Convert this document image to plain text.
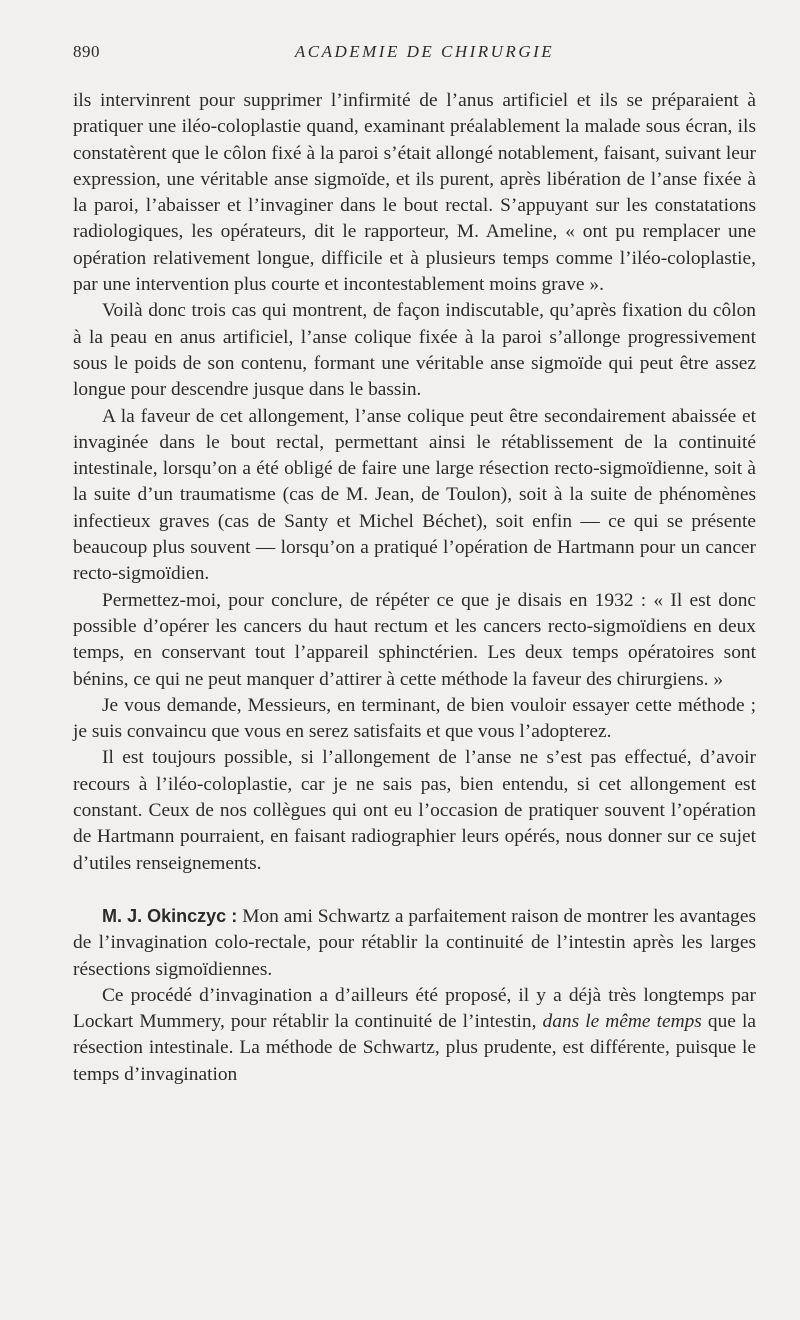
890	ACADEMIE DE CHIRURGIE

ils intervinrent pour supprimer l’infirmité de l’anus artificiel et ils se préparaient à pratiquer une iléo-coloplastie quand, examinant préalablement la malade sous écran, ils constatèrent que le côlon fixé à la paroi s’était allongé notablement, faisant, suivant leur expression, une véritable anse sigmoïde, et ils purent, après libération de l’anse fixée à la paroi, l’abaisser et l’invaginer dans le bout rectal. S’appuyant sur les constatations radiologiques, les opérateurs, dit le rapporteur, M. Ameline, « ont pu remplacer une opération relativement longue, difficile et à plusieurs temps comme l’iléo-coloplastie, par une intervention plus courte et incontestablement moins grave ».

Voilà donc trois cas qui montrent, de façon indiscutable, qu’après fixation du côlon à la peau en anus artificiel, l’anse colique fixée à la paroi s’allonge progressivement sous le poids de son contenu, formant une véritable anse sigmoïde qui peut être assez longue pour descendre jusque dans le bassin.

A la faveur de cet allongement, l’anse colique peut être secondairement abaissée et invaginée dans le bout rectal, permettant ainsi le rétablissement de la continuité intestinale, lorsqu’on a été obligé de faire une large résection recto-sigmoïdienne, soit à la suite d’un traumatisme (cas de M. Jean, de Toulon), soit à la suite de phénomènes infectieux graves (cas de Santy et Michel Béchet), soit enfin — ce qui se présente beaucoup plus souvent — lorsqu’on a pratiqué l’opération de Hartmann pour un cancer recto-sigmoïdien.

Permettez-moi, pour conclure, de répéter ce que je disais en 1932 : « Il est donc possible d’opérer les cancers du haut rectum et les cancers recto-sigmoïdiens en deux temps, en conservant tout l’appareil sphinctérien. Les deux temps opératoires sont bénins, ce qui ne peut manquer d’attirer à cette méthode la faveur des chirurgiens. »

Je vous demande, Messieurs, en terminant, de bien vouloir essayer cette méthode ; je suis convaincu que vous en serez satisfaits et que vous l’adopterez.

Il est toujours possible, si l’allongement de l’anse ne s’est pas effectué, d’avoir recours à l’iléo-coloplastie, car je ne sais pas, bien entendu, si cet allongement est constant. Ceux de nos collègues qui ont eu l’occasion de pratiquer souvent l’opération de Hartmann pourraient, en faisant radiographier leurs opérés, nous donner sur ce sujet d’utiles renseignements.

M. J. Okinczyc : Mon ami Schwartz a parfaitement raison de montrer les avantages de l’invagination colo-rectale, pour rétablir la continuité de l’intestin après les larges résections sigmoïdiennes.

Ce procédé d’invagination a d’ailleurs été proposé, il y a déjà très longtemps par Lockart Mummery, pour rétablir la continuité de l’intestin, dans le même temps que la résection intestinale. La méthode de Schwartz, plus prudente, est différente, puisque le temps d’invagination
